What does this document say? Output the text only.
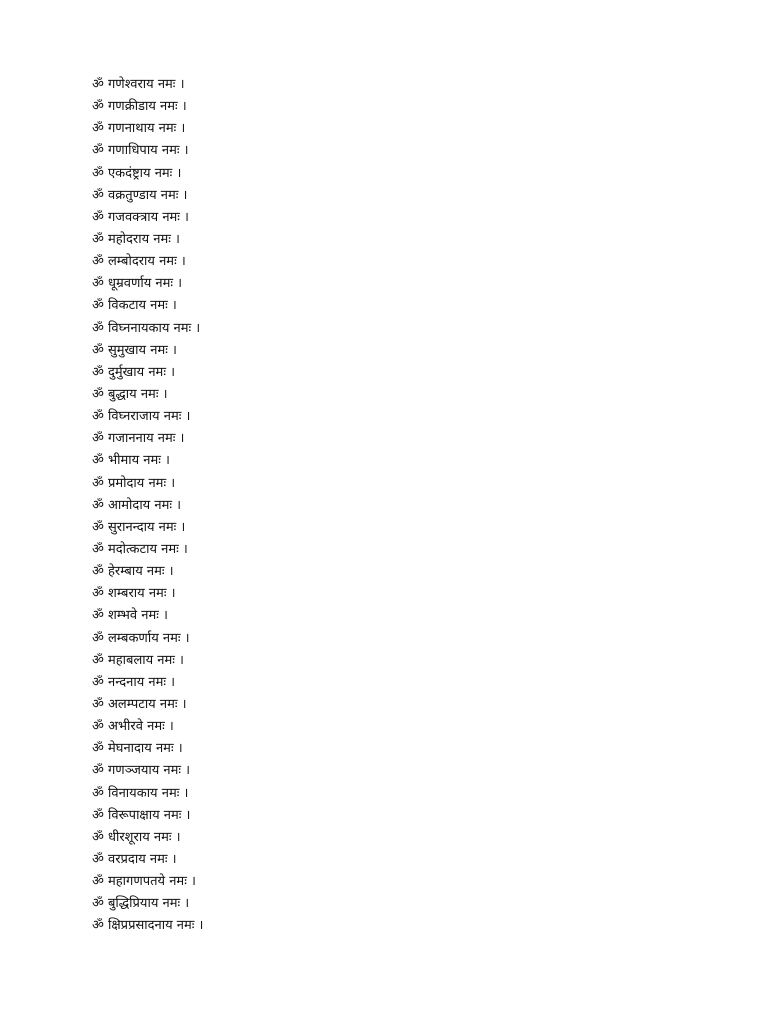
ॐ गणेश्वराय नमः ।
ॐ गणक्रीडाय नमः ।
ॐ गणनाथाय नमः ।
ॐ गणाधिपाय नमः ।
ॐ एकदंष्ट्राय नमः ।
ॐ वक्रतुण्डाय नमः ।
ॐ गजवक्त्राय नमः ।
ॐ महोदराय नमः ।
ॐ लम्बोदराय नमः ।
ॐ धूम्रवर्णाय नमः ।
ॐ विकटाय नमः ।
ॐ विघ्ननायकाय नमः ।
ॐ सुमुखाय नमः ।
ॐ दुर्मुखाय नमः ।
ॐ बुद्धाय नमः ।
ॐ विघ्नराजाय नमः ।
ॐ गजाननाय नमः ।
ॐ भीमाय नमः ।
ॐ प्रमोदाय नमः ।
ॐ आमोदाय नमः ।
ॐ सुरानन्दाय नमः ।
ॐ मदोत्कटाय नमः ।
ॐ हेरम्बाय नमः ।
ॐ शम्बराय नमः ।
ॐ शम्भवे नमः ।
ॐ लम्बकर्णाय नमः ।
ॐ महाबलाय नमः ।
ॐ नन्दनाय नमः ।
ॐ अलम्पटाय नमः ।
ॐ अभीरवे नमः ।
ॐ मेघनादाय नमः ।
ॐ गणञ्जयाय नमः ।
ॐ विनायकाय नमः ।
ॐ विरूपाक्षाय नमः ।
ॐ धीरशूराय नमः ।
ॐ वरप्रदाय नमः ।
ॐ महागणपतये नमः ।
ॐ बुद्धिप्रियाय नमः ।
ॐ क्षिप्रप्रसादनाय नमः ।
